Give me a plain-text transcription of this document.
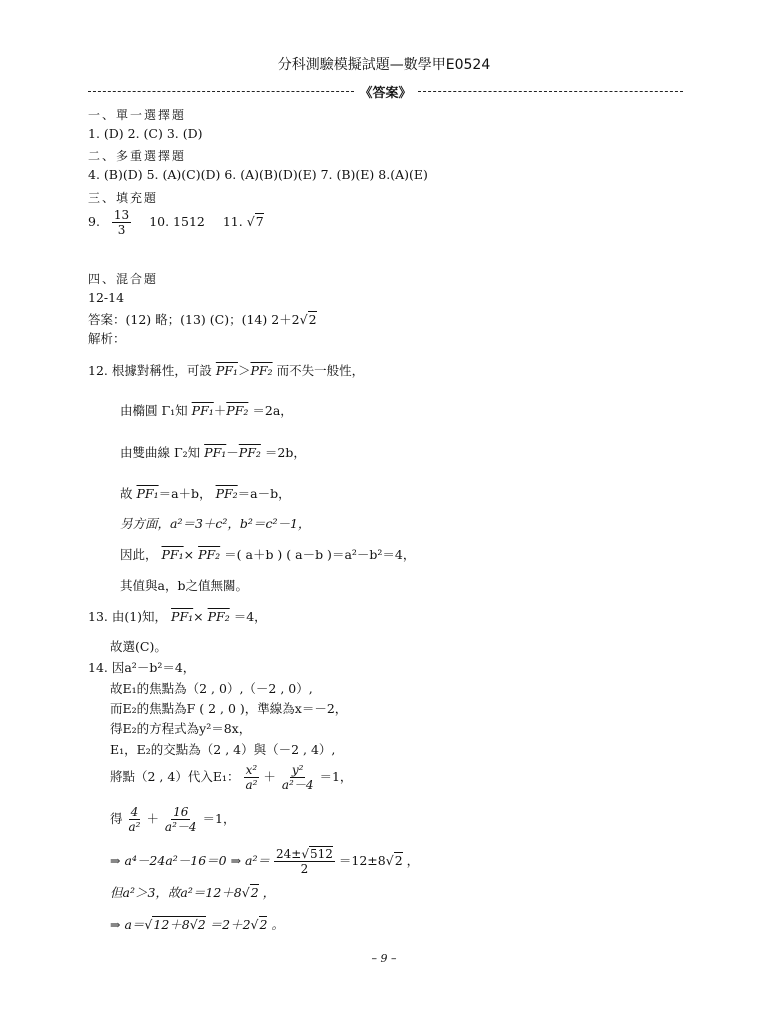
分科測驗模擬試題—數學甲E0524
《答案》
一、單一選擇題
1. (D) 2. (C) 3. (D)
二、多重選擇題
4. (B)(D) 5. (A)(C)(D) 6. (A)(B)(D)(E) 7. (B)(E) 8.(A)(E)
三、填充題
9. $\frac{13}{3} 10$. 1512 11. √7
四、混合題
12-14
答案：(12) 略；(13) (C)；(14) 2＋2√2
解析：
12. 根據對稱性，可設 PF₁＞PF₂ 而不失一般性，
由橢圓 Γ₁知 PF₁＋PF₂ ＝2a，
由雙曲線 Γ₂知 PF₁－PF₂ ＝2b，
故 PF₁＝a＋b， PF₂＝a－b，
另方面，a²＝3＋c²，b²＝c²－1，
因此， PF₁× PF₂ ＝( a＋b ) ( a－b )＝a²－b²＝4，
其值與a，b之值無關。
13. 由(1)知， PF₁× PF₂ ＝4，
故選(C)。
14. 因a²－b²＝4，
故E₁的焦點為（2 , 0）,（－2 , 0）,
而E₂的焦點為F ( 2 , 0 )，準線為x＝－2，
得E₂的方程式為y²＝8x，
E₁，E₂的交點為（2 , 4）與（－2 , 4）,
將點（2 , 4）代入E₁： $\frac{\text{x²}}{\text{a²}} + \frac{\text{y²}}{\text{a²－4}} =1$，
得 $\frac{4}{\text{a²}} + \frac{16}{\text{a²－4}} =1$，
⇒ a⁴－24a²－16＝0 ⇒ $a^2= \frac{24\pm√512}{2} =12\pm 8√2$ ，
但a²＞3，故a²＝12＋8√2 ，
⇒ a＝√12＋8√2 ＝2＋2√2 。
– 9 –
